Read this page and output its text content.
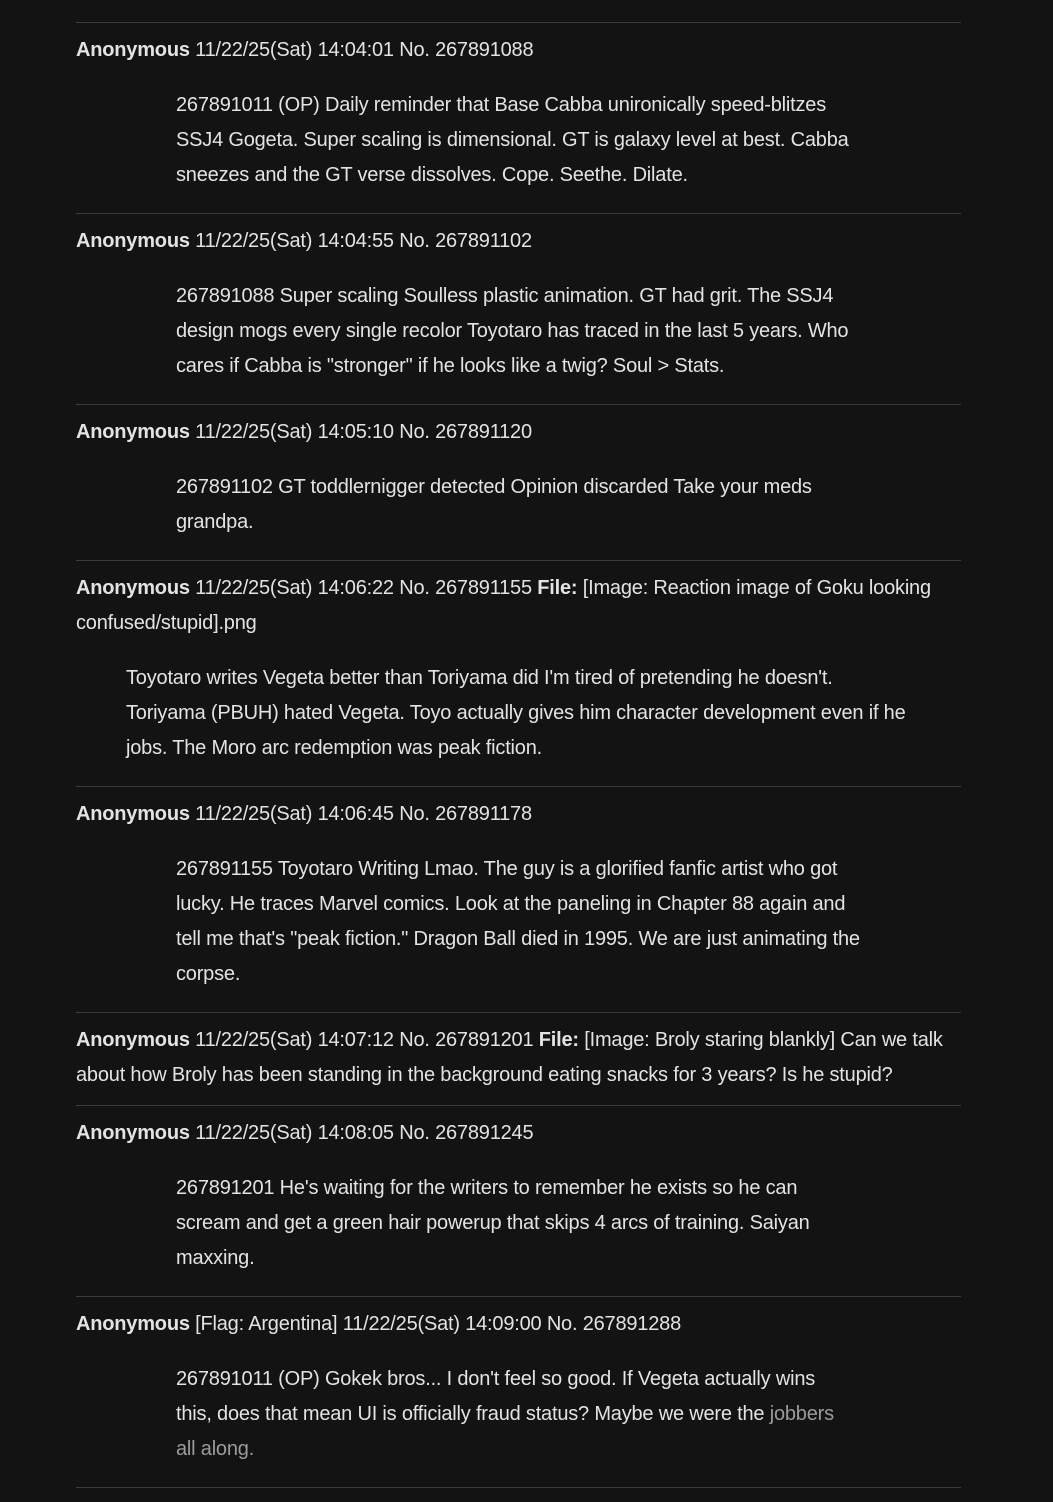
Anonymous 11/22/25(Sat) 14:04:01 No. 267891088
267891011 (OP) Daily reminder that Base Cabba unironically speed-blitzes SSJ4 Gogeta. Super scaling is dimensional. GT is galaxy level at best. Cabba sneezes and the GT verse dissolves. Cope. Seethe. Dilate.
Anonymous 11/22/25(Sat) 14:04:55 No. 267891102
267891088 Super scaling Soulless plastic animation. GT had grit. The SSJ4 design mogs every single recolor Toyotaro has traced in the last 5 years. Who cares if Cabba is "stronger" if he looks like a twig? Soul > Stats.
Anonymous 11/22/25(Sat) 14:05:10 No. 267891120
267891102 GT toddlernigger detected Opinion discarded Take your meds grandpa.
Anonymous 11/22/25(Sat) 14:06:22 No. 267891155 File: [Image: Reaction image of Goku looking confused/stupid].png
Toyotaro writes Vegeta better than Toriyama did I'm tired of pretending he doesn't. Toriyama (PBUH) hated Vegeta. Toyo actually gives him character development even if he jobs. The Moro arc redemption was peak fiction.
Anonymous 11/22/25(Sat) 14:06:45 No. 267891178
267891155 Toyotaro Writing Lmao. The guy is a glorified fanfic artist who got lucky. He traces Marvel comics. Look at the paneling in Chapter 88 again and tell me that's "peak fiction." Dragon Ball died in 1995. We are just animating the corpse.
Anonymous 11/22/25(Sat) 14:07:12 No. 267891201 File: [Image: Broly staring blankly] Can we talk about how Broly has been standing in the background eating snacks for 3 years? Is he stupid?
Anonymous 11/22/25(Sat) 14:08:05 No. 267891245
267891201 He's waiting for the writers to remember he exists so he can scream and get a green hair powerup that skips 4 arcs of training. Saiyan maxxing.
Anonymous [Flag: Argentina] 11/22/25(Sat) 14:09:00 No. 267891288
267891011 (OP) Gokek bros... I don't feel so good. If Vegeta actually wins this, does that mean UI is officially fraud status? Maybe we were the jobbers all along.
